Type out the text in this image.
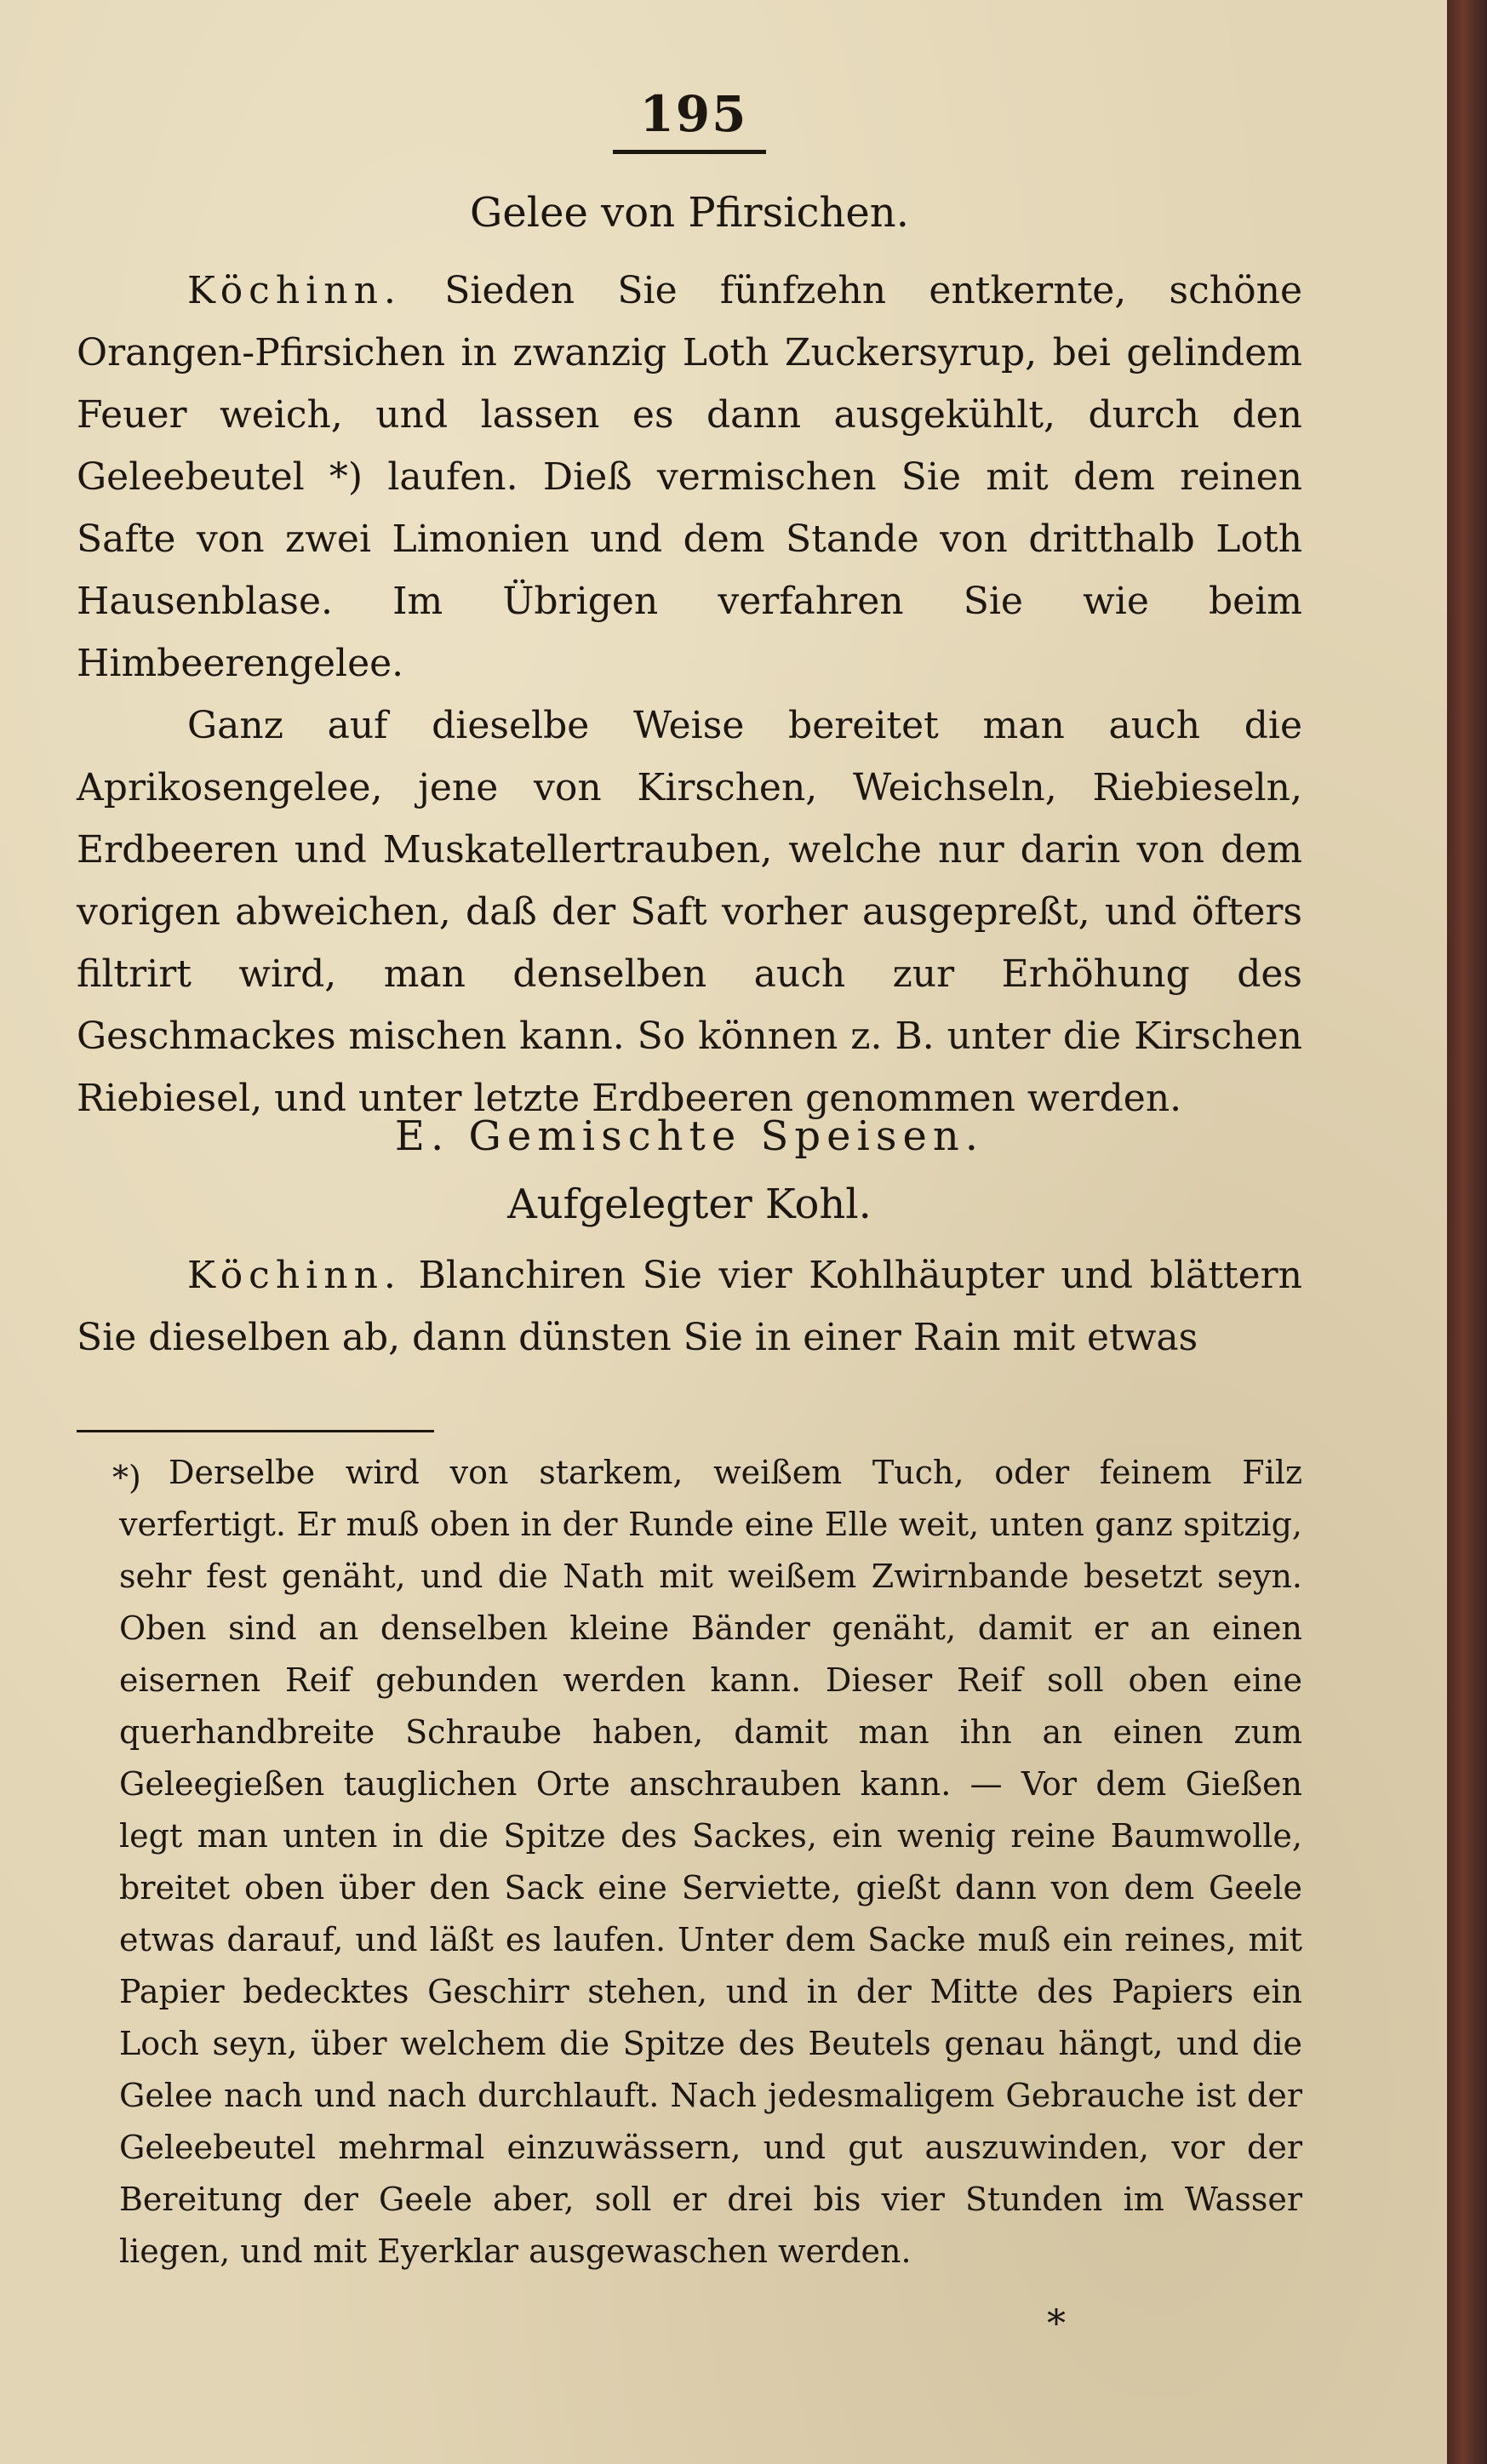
195
Gelee von Pfirsichen.

Köchinn. Sieden Sie fünfzehn entkernte, schöne Orangen-Pfirsichen in zwanzig Loth Zuckersyrup, bei gelindem Feuer weich, und lassen es dann ausgekühlt, durch den Geleebeutel *) laufen. Dieß vermischen Sie mit dem reinen Safte von zwei Limonien und dem Stande von dritthalb Loth Hausenblase. Im Übrigen verfahren Sie wie beim Himbeerengelee.

Ganz auf dieselbe Weise bereitet man auch die Aprikosengelee, jene von Kirschen, Weichseln, Riebieseln, Erdbeeren und Muskatellertrauben, welche nur darin von dem vorigen abweichen, daß der Saft vorher ausgepreßt, und öfters filtrirt wird, man denselben auch zur Erhöhung des Geschmackes mischen kann. So können z. B. unter die Kirschen Riebiesel, und unter letzte Erdbeeren genommen werden.

E. Gemischte Speisen.
Aufgelegter Kohl.

Köchinn. Blanchiren Sie vier Kohlhäupter und blättern Sie dieselben ab, dann dünsten Sie in einer Rain mit etwas

*) Derselbe wird von starkem, weißem Tuch, oder feinem Filz verfertigt. Er muß oben in der Runde eine Elle weit, unten ganz spitzig, sehr fest genäht, und die Nath mit weißem Zwirnbande besetzt seyn. Oben sind an denselben kleine Bänder genäht, damit er an einen eisernen Reif gebunden werden kann. Dieser Reif soll oben eine querhandbreite Schraube haben, damit man ihn an einen zum Geleegießen tauglichen Orte anschrauben kann. — Vor dem Gießen legt man unten in die Spitze des Sackes, ein wenig reine Baumwolle, breitet oben über den Sack eine Serviette, gießt dann von dem Geele etwas darauf, und läßt es laufen. Unter dem Sacke muß ein reines, mit Papier bedecktes Geschirr stehen, und in der Mitte des Papiers ein Loch seyn, über welchem die Spitze des Beutels genau hängt, und die Gelee nach und nach durchlauft. Nach jedesmaligem Gebrauche ist der Geleebeutel mehrmal einzuwässern, und gut auszuwinden, vor der Bereitung der Geele aber, soll er drei bis vier Stunden im Wasser liegen, und mit Eyerklar ausgewaschen werden.

*
